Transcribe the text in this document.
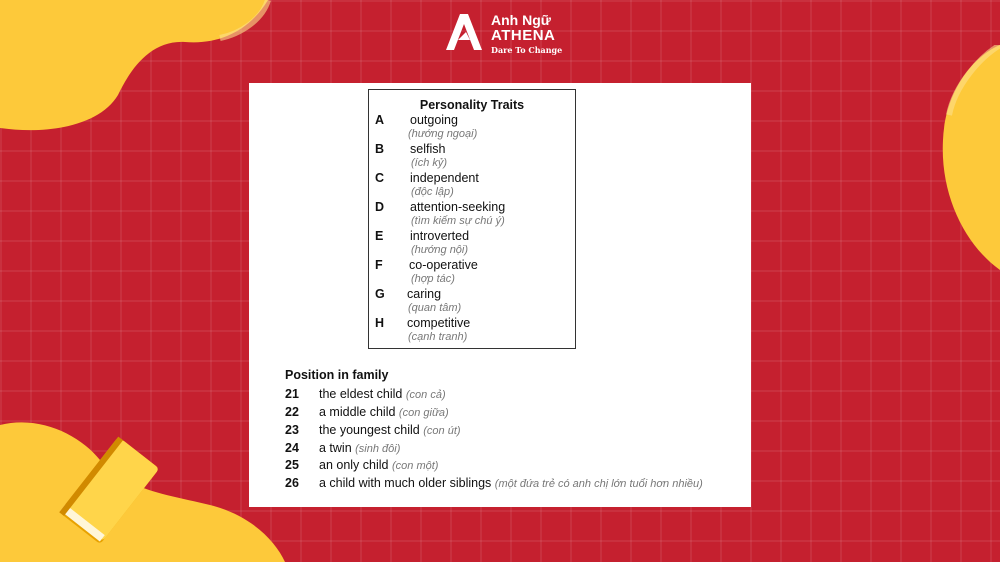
Anh Ngữ
ATHENA
Dare To Change
Personality Traits
A outgoing
(hướng ngoại)
B selfish
(ích kỷ)
C independent
(độc lập)
D attention-seeking
(tìm kiếm sự chú ý)
E introverted
(hướng nội)
F co-operative
(hợp tác)
G caring
(quan tâm)
H competitive
(cạnh tranh)
Position in family
21 the eldest child (con cả)
22 a middle child (con giữa)
23 the youngest child (con út)
24 a twin (sinh đôi)
25 an only child (con một)
26 a child with much older siblings (một đứa trẻ có anh chị lớn tuổi hơn nhiều)
